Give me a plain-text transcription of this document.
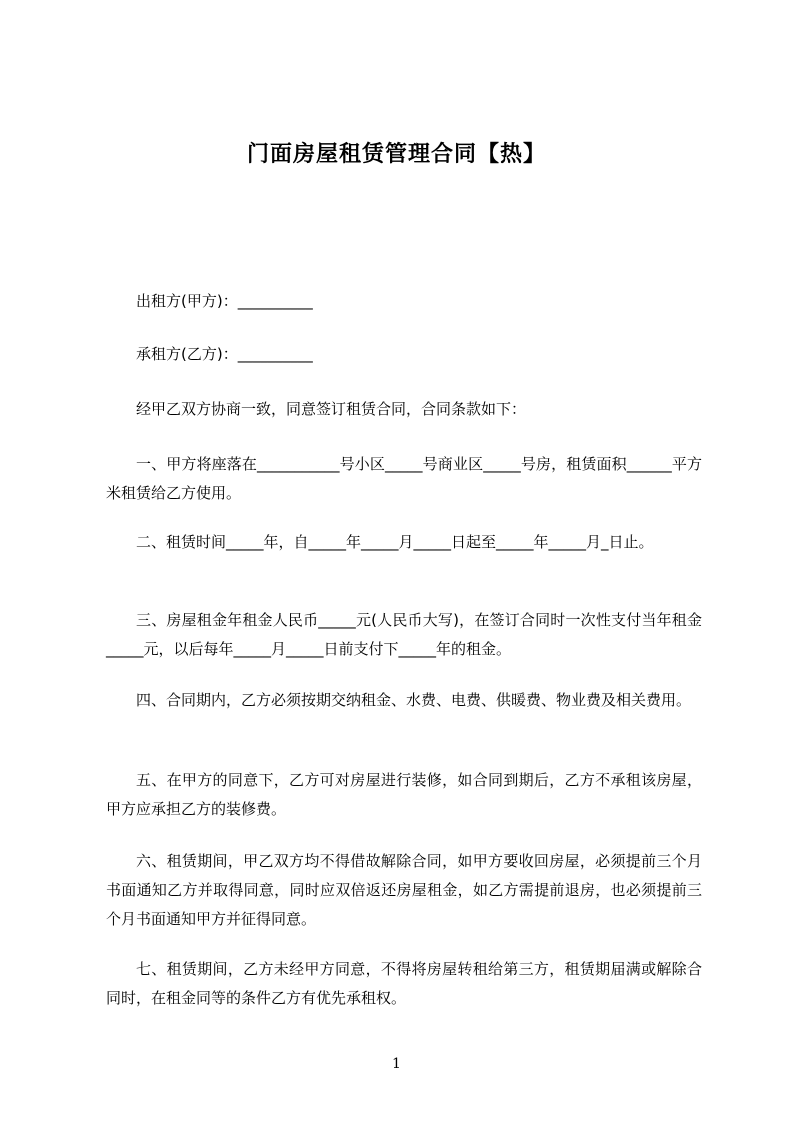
门面房屋租赁管理合同【热】

出租方(甲方)：__________

承租方(乙方)：__________

经甲乙双方协商一致，同意签订租赁合同，合同条款如下：

一、甲方将座落在___________号小区_____号商业区_____号房，租赁面积______平方米租赁给乙方使用。

二、租赁时间_____年，自_____年_____月_____日起至_____年_____月_日止。

三、房屋租金年租金人民币_____元(人民币大写)，在签订合同时一次性支付当年租金_____元，以后每年_____月_____日前支付下_____年的租金。

四、合同期内，乙方必须按期交纳租金、水费、电费、供暖费、物业费及相关费用。

五、在甲方的同意下，乙方可对房屋进行装修，如合同到期后，乙方不承租该房屋，甲方应承担乙方的装修费。

六、租赁期间，甲乙双方均不得借故解除合同，如甲方要收回房屋，必须提前三个月书面通知乙方并取得同意，同时应双倍返还房屋租金，如乙方需提前退房，也必须提前三个月书面通知甲方并征得同意。

七、租赁期间，乙方未经甲方同意，不得将房屋转租给第三方，租赁期届满或解除合同时，在租金同等的条件乙方有优先承租权。

1
